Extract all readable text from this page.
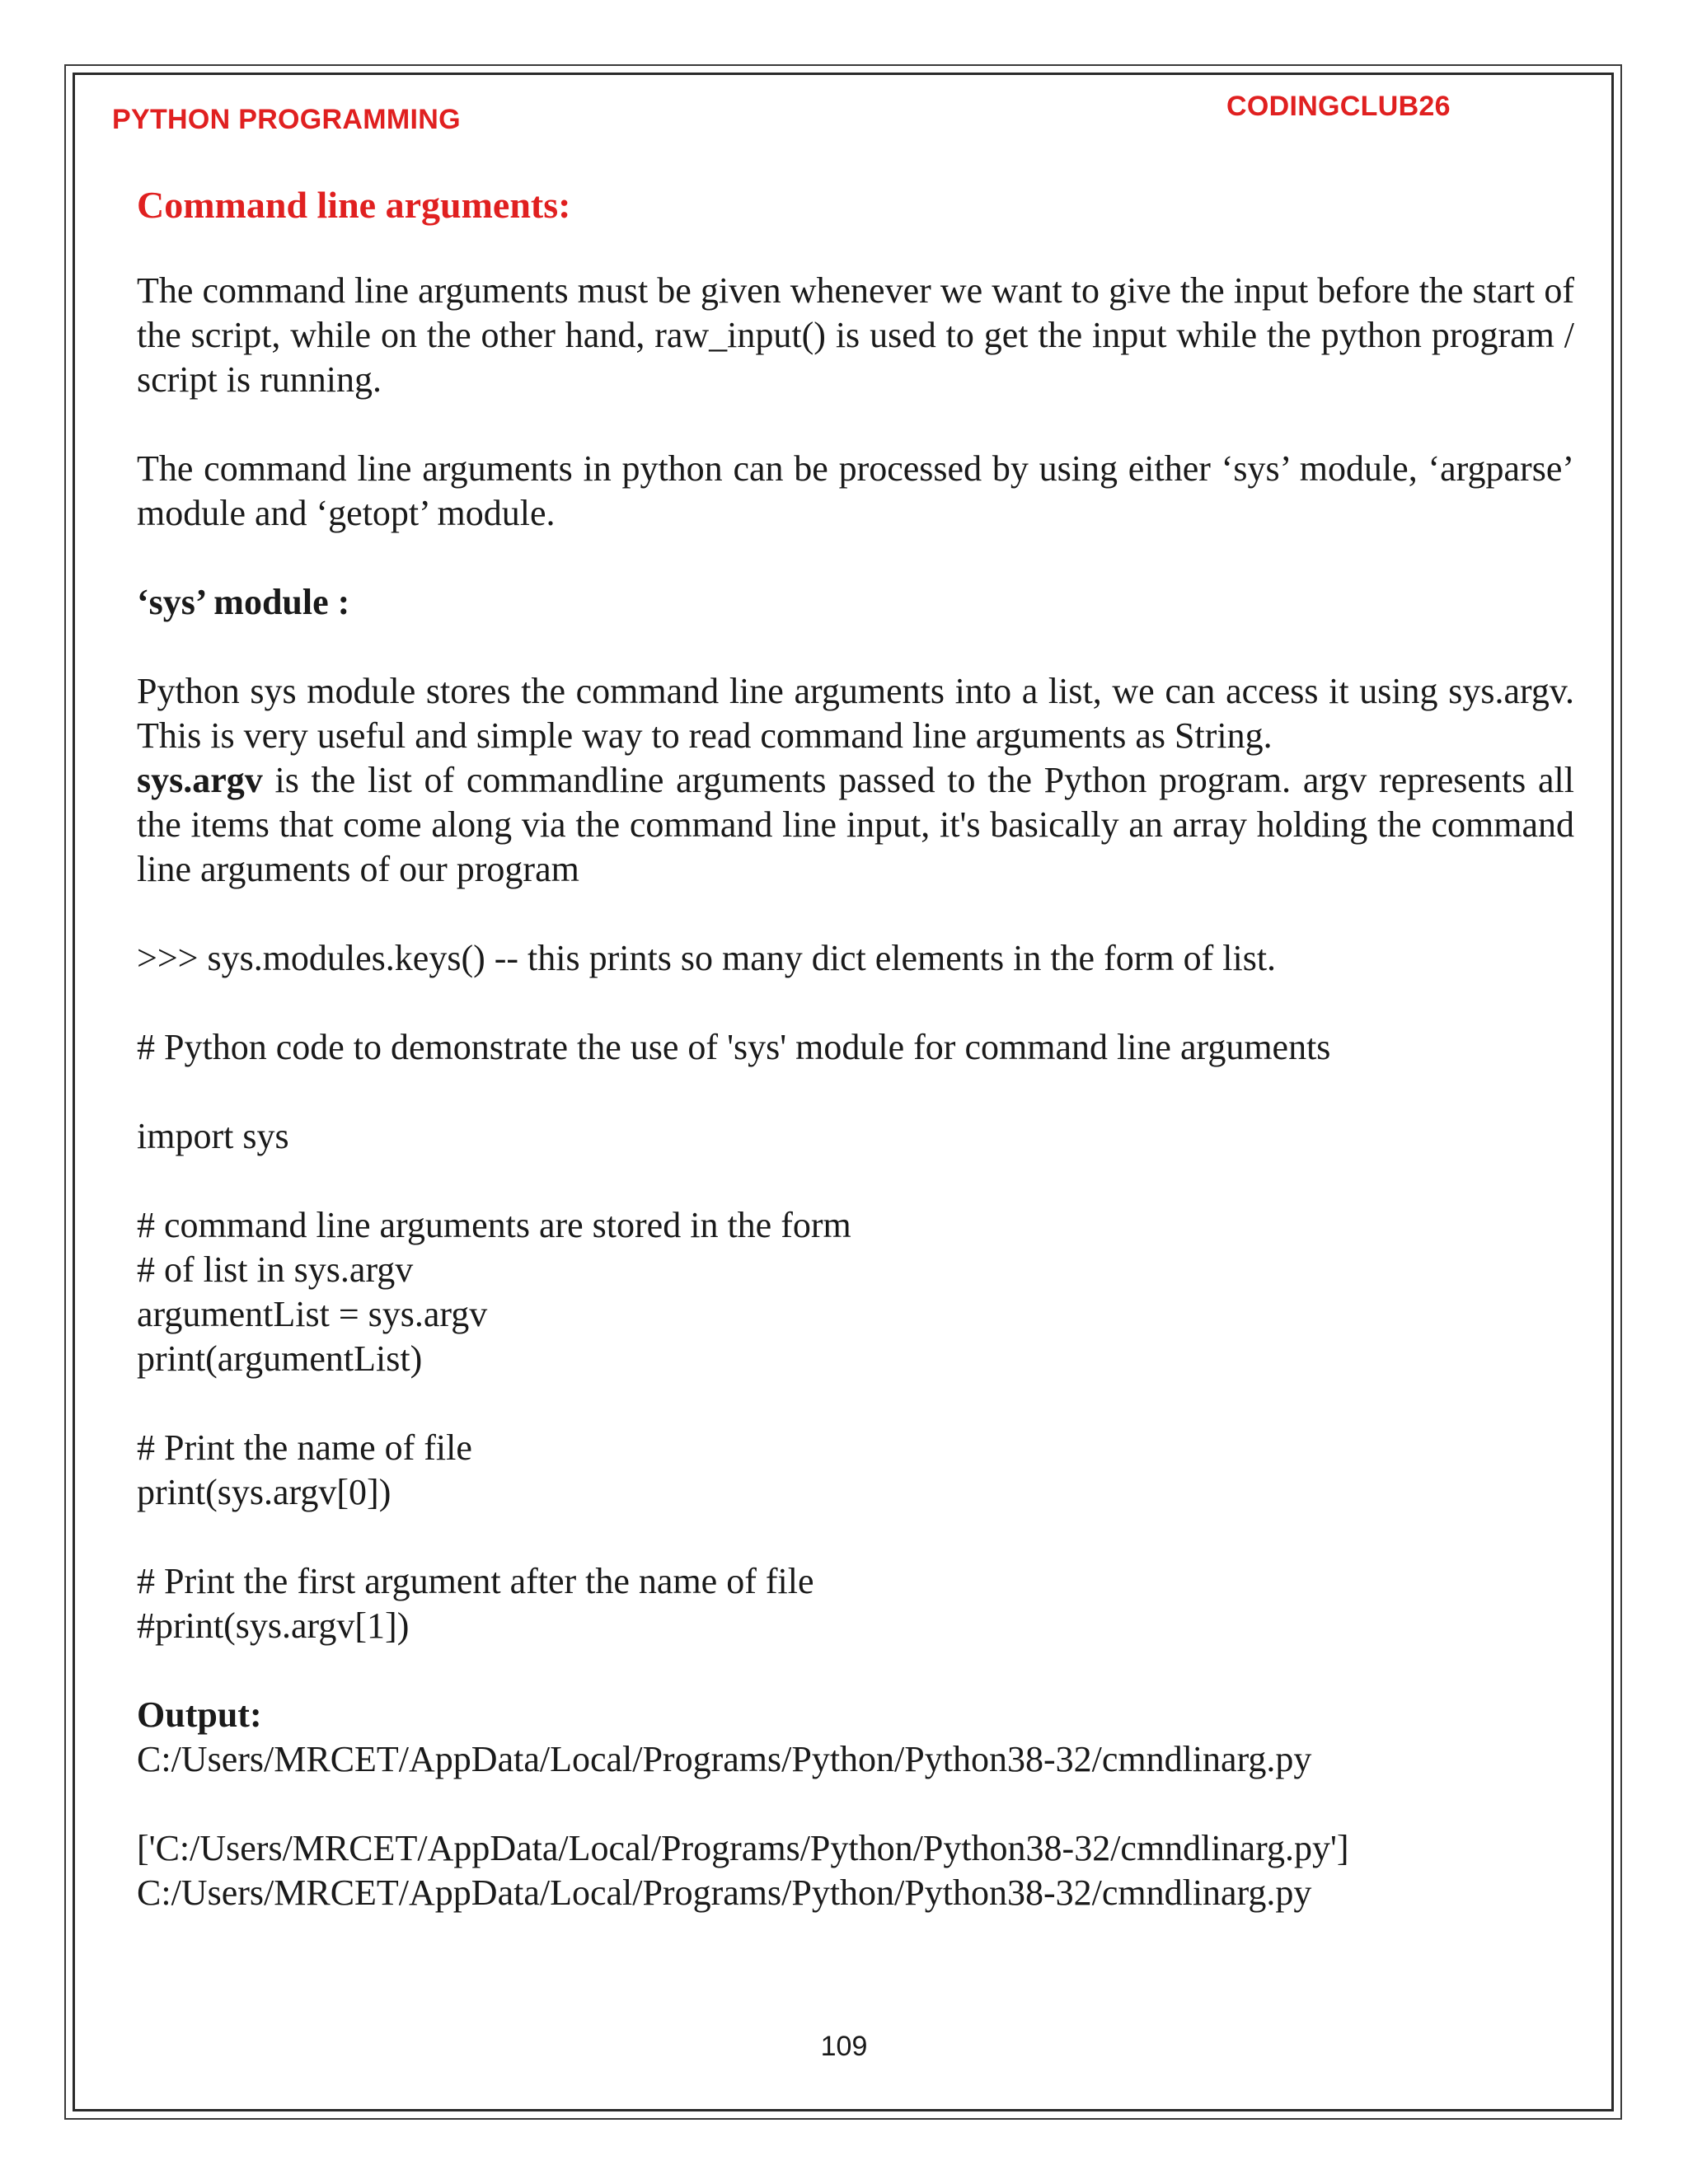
PYTHON PROGRAMMING	CODINGCLUB26
Command line arguments:
The command line arguments must be given whenever we want to give the input before the start of the script, while on the other hand, raw_input() is used to get the input while the python program / script is running.
The command line arguments in python can be processed by using either ‘sys’ module, ‘argparse’ module and ‘getopt’ module.
‘sys’ module :
Python sys module stores the command line arguments into a list, we can access it using sys.argv. This is very useful and simple way to read command line arguments as String.
sys.argv is the list of commandline arguments passed to the Python program. argv represents all the items that come along via the command line input, it's basically an array holding the command line arguments of our program
>>> sys.modules.keys() -- this prints so many dict elements in the form of list.
# Python code to demonstrate the use of 'sys' module for command line arguments
import sys
# command line arguments are stored in the form
# of list in sys.argv
argumentList = sys.argv
print(argumentList)
# Print the name of file
print(sys.argv[0])
# Print the first argument after the name of file
#print(sys.argv[1])
Output:
C:/Users/MRCET/AppData/Local/Programs/Python/Python38-32/cmndlinarg.py
['C:/Users/MRCET/AppData/Local/Programs/Python/Python38-32/cmndlinarg.py']
C:/Users/MRCET/AppData/Local/Programs/Python/Python38-32/cmndlinarg.py
109
